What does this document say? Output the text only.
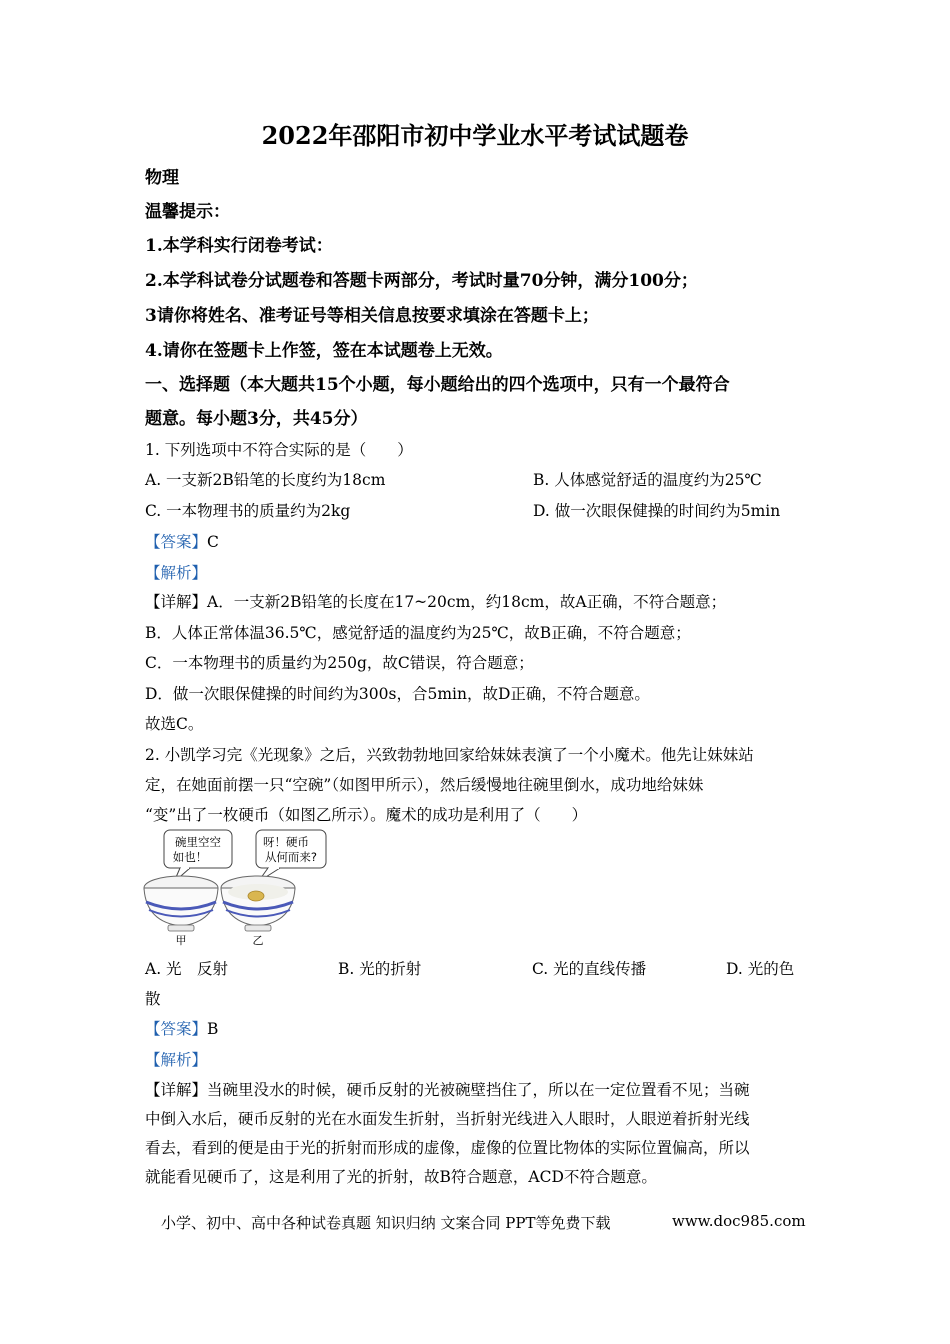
2022年邵阳市初中学业水平考试试题卷
物理
温馨提示：
1.本学科实行闭卷考试：
2.本学科试卷分试题卷和答题卡两部分，考试时量70分钟，满分100分；
3请你将姓名、准考证号等相关信息按要求填涂在答题卡上；
4.请你在签题卡上作签，签在本试题卷上无效。
一、选择题（本大题共15个小题，每小题给出的四个选项中，只有一个最符合
题意。每小题3分，共45分）
1. 下列选项中不符合实际的是（　　）
A. 一支新2B铅笔的长度约为18cm	B. 人体感觉舒适的温度约为25℃
C. 一本物理书的质量约为2kg	D. 做一次眼保健操的时间约为5min
【答案】C
【解析】
【详解】A．一支新2B铅笔的长度在17~20cm，约18cm，故A正确，不符合题意；
B．人体正常体温36.5℃，感觉舒适的温度约为25℃，故B正确，不符合题意；
C．一本物理书的质量约为250g，故C错误，符合题意；
D．做一次眼保健操的时间约为300s，合5min，故D正确，不符合题意。
故选C。
2. 小凯学习完《光现象》之后，兴致勃勃地回家给妹妹表演了一个小魔术。他先让妹妹站
定，在她面前摆一只“空碗”（如图甲所示），然后缓慢地往碗里倒水，成功地给妹妹
“变”出了一枚硬币（如图乙所示）。魔术的成功是利用了（　　）
碗里空空
如也！
呀！硬币
从何而来?
甲	乙
A. 光　反射	B. 光的折射	C. 光的直线传播	D. 光的色
散
【答案】B
【解析】
【详解】当碗里没水的时候，硬币反射的光被碗壁挡住了，所以在一定位置看不见；当碗
中倒入水后，硬币反射的光在水面发生折射，当折射光线进入人眼时，人眼逆着折射光线
看去，看到的便是由于光的折射而形成的虚像，虚像的位置比物体的实际位置偏高，所以
就能看见硬币了，这是利用了光的折射，故B符合题意，ACD不符合题意。
小学、初中、高中各种试卷真题 知识归纳 文案合同 PPT等免费下载	www.doc985.com
